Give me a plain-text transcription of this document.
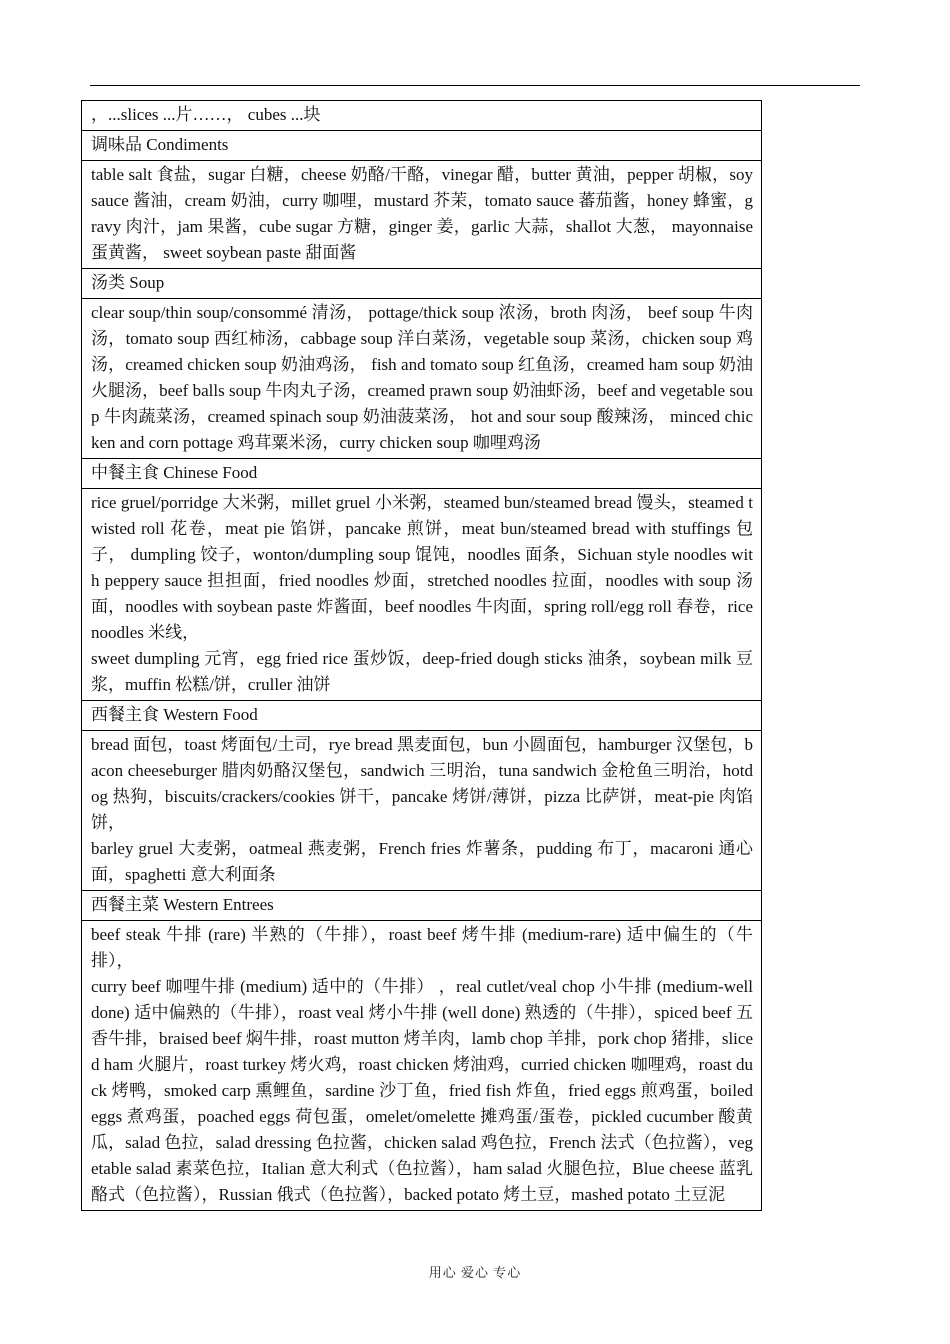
，...slices ...片……， cubes ...块
调味品 Condiments

table salt 食盐，sugar 白糖，cheese 奶酪/干酪，vinegar 醋，butter 黄油，pepper 胡椒，soy sauce 酱油，cream 奶油，curry 咖哩，mustard 芥茉，tomato sauce 蕃茄酱，honey 蜂蜜，gravy 肉汁，jam 果酱，cube sugar 方糖，ginger 姜，garlic 大蒜，shallot 大葱， mayonnaise 蛋黄酱， sweet soybean paste 甜面酱

汤类 Soup

clear soup/thin soup/consommé 清汤， pottage/thick soup 浓汤，broth 肉汤， beef soup 牛肉汤，tomato soup 西红柿汤，cabbage soup 洋白菜汤，vegetable soup 菜汤，chicken soup 鸡汤，creamed chicken soup 奶油鸡汤， fish and tomato soup 红鱼汤，creamed ham soup 奶油火腿汤，beef balls soup 牛肉丸子汤，creamed prawn soup 奶油虾汤，beef and vegetable soup 牛肉蔬菜汤，creamed spinach soup 奶油菠菜汤， hot and sour soup 酸辣汤， minced chicken and corn pottage 鸡茸粟米汤，curry chicken soup 咖哩鸡汤

中餐主食 Chinese Food

rice gruel/porridge 大米粥，millet gruel 小米粥，steamed bun/steamed bread 馒头，steamed twisted roll 花卷，meat pie 馅饼，pancake 煎饼，meat bun/steamed bread with stuffings 包子， dumpling 饺子，wonton/dumpling soup 馄饨，noodles 面条，Sichuan style noodles with peppery sauce 担担面，fried noodles 炒面，stretched noodles 拉面，noodles with soup 汤面，noodles with soybean paste 炸酱面，beef noodles 牛肉面，spring roll/egg roll 春卷，rice noodles 米线，

sweet dumpling 元宵，egg fried rice 蛋炒饭，deep-fried dough sticks 油条，soybean milk 豆浆，muffin 松糕/饼，cruller 油饼

西餐主食 Western Food

bread 面包，toast 烤面包/土司，rye bread 黑麦面包，bun 小圆面包，hamburger 汉堡包，bacon cheeseburger 腊肉奶酪汉堡包，sandwich 三明治，tuna sandwich 金枪鱼三明治，hotdog 热狗，biscuits/crackers/cookies 饼干，pancake 烤饼/薄饼，pizza 比萨饼，meat-pie 肉馅饼，

barley gruel 大麦粥，oatmeal 燕麦粥，French fries 炸薯条，pudding 布丁，macaroni 通心面，spaghetti 意大利面条

西餐主菜 Western Entrees

beef steak 牛排 (rare) 半熟的（牛排），roast beef 烤牛排 (medium-rare) 适中偏生的（牛排），

curry beef 咖哩牛排 (medium) 适中的（牛排） ，real cutlet/veal chop 小牛排 (medium-well done) 适中偏熟的（牛排），roast veal 烤小牛排 (well done) 熟透的（牛排），spiced beef 五香牛排，braised beef 焖牛排，roast mutton 烤羊肉，lamb chop 羊排，pork chop 猪排，sliced ham 火腿片，roast turkey 烤火鸡，roast chicken 烤油鸡，curried chicken 咖哩鸡，roast duck 烤鸭，smoked carp 熏鲤鱼，sardine 沙丁鱼，fried fish 炸鱼，fried eggs 煎鸡蛋，boiled eggs 煮鸡蛋，poached eggs 荷包蛋，omelet/omelette 摊鸡蛋/蛋卷，pickled cucumber 酸黄瓜，salad 色拉，salad dressing 色拉酱，chicken salad 鸡色拉，French 法式（色拉酱），vegetable salad 素菜色拉，Italian 意大利式（色拉酱），ham salad 火腿色拉，Blue cheese 蓝乳酪式（色拉酱），Russian 俄式（色拉酱），backed potato 烤土豆，mashed potato 土豆泥

用心 爱心 专心
